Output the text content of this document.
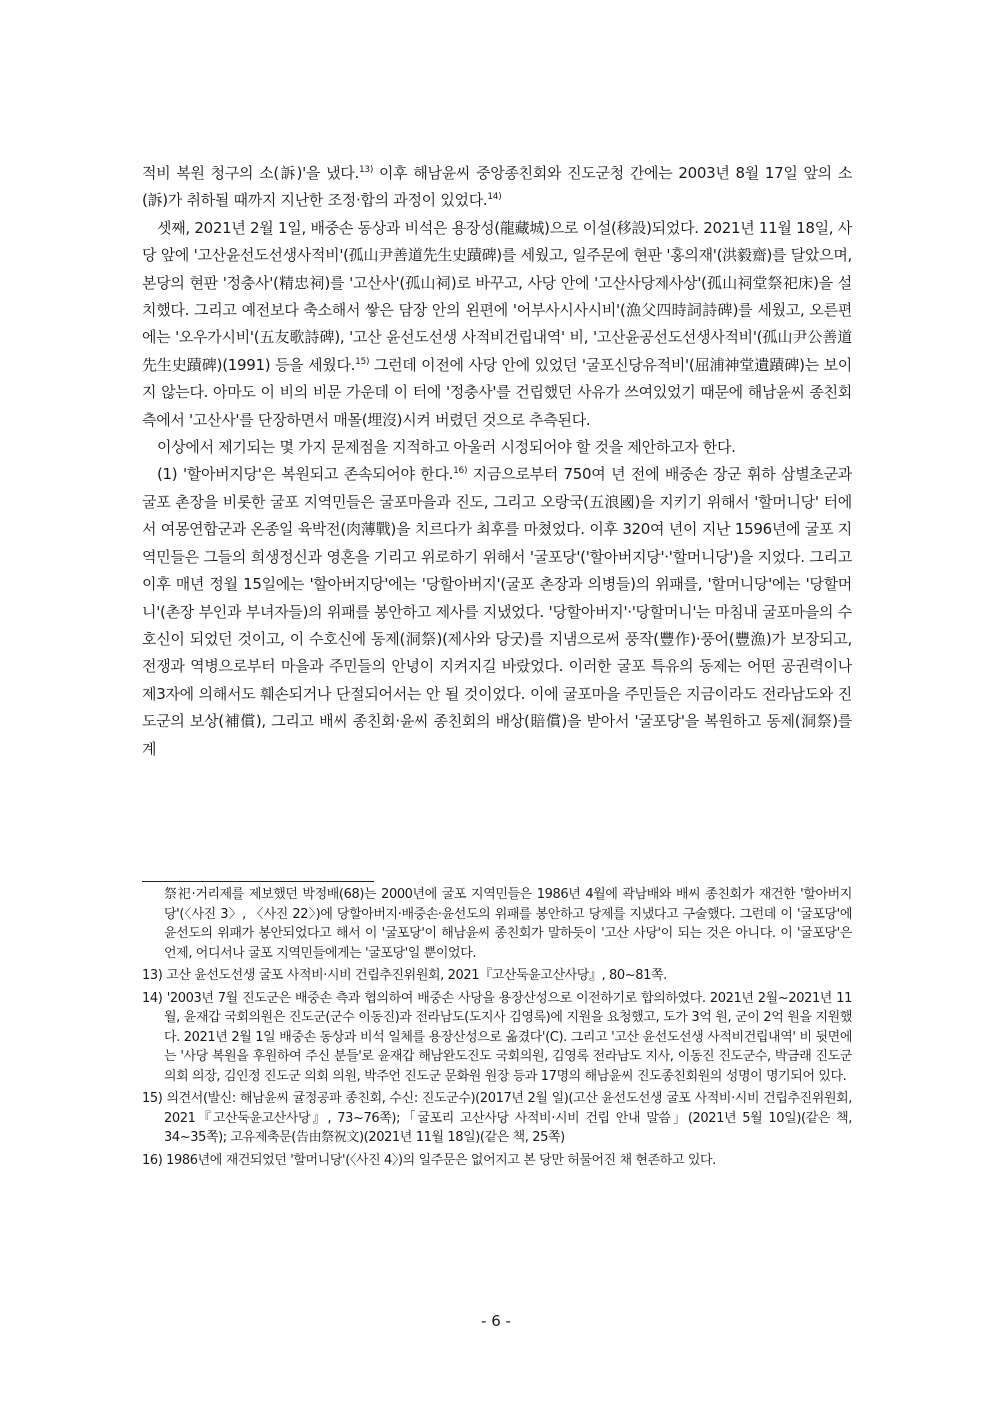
적비 복원 청구의 소(訴)'을 냈다.$^{13)}$ 이후 해남윤씨 중앙종친회와 진도군청 간에는 2003년 8월 17일 앞의 소(訴)가 취하될 때까지 지난한 조정·합의 과정이 있었다.$^{14)}$

셋째, 2021년 2월 1일, 배중손 동상과 비석은 용장성(龍藏城)으로 이설(移設)되었다. 2021년 11월 18일, 사당 앞에 '고산윤선도선생사적비'(孤山尹善道先生史蹟碑)를 세웠고, 일주문에 현판 '홍의재'(洪毅齋)를 달았으며, 본당의 현판 '정충사'(精忠祠)를 '고산사'(孤山祠)로 바꾸고, 사당 안에 '고산사당제사상'(孤山祠堂祭祀床)을 설치했다. 그리고 예전보다 축소해서 쌓은 담장 안의 왼편에 '어부사시사시비'(漁父四時詞詩碑)를 세웠고, 오른편에는 '오우가시비'(五友歌詩碑), '고산 윤선도선생 사적비건립내역' 비, '고산윤공선도선생사적비'(孤山尹公善道先生史蹟碑)(1991) 등을 세웠다.$^{15)}$ 그런데 이전에 사당 안에 있었던 '굴포신당유적비'(屈浦神堂遺蹟碑)는 보이지 않는다. 아마도 이 비의 비문 가운데 이 터에 '정충사'를 건립했던 사유가 쓰여있었기 때문에 해남윤씨 종친회 측에서 '고산사'를 단장하면서 매몰(埋沒)시켜 버렸던 것으로 추측된다.

이상에서 제기되는 몇 가지 문제점을 지적하고 아울러 시정되어야 할 것을 제안하고자 한다.

(1) '할아버지당'은 복원되고 존속되어야 한다.$^{16)}$ 지금으로부터 750여 년 전에 배중손 장군 휘하 삼별초군과 굴포 촌장을 비롯한 굴포 지역민들은 굴포마을과 진도, 그리고 오랑국(五浪國)을 지키기 위해서 '할머니당' 터에서 여몽연합군과 온종일 육박전(肉薄戰)을 치르다가 최후를 마쳤었다. 이후 320여 년이 지난 1596년에 굴포 지역민들은 그들의 희생정신과 영혼을 기리고 위로하기 위해서 '굴포당'('할아버지당'·'할머니당')을 지었다. 그리고 이후 매년 정월 15일에는 '할아버지당'에는 '당할아버지'(굴포 촌장과 의병들)의 위패를, '할머니당'에는 '당할머니'(촌장 부인과 부녀자들)의 위패를 봉안하고 제사를 지냈었다. '당할아버지'·'당할머니'는 마침내 굴포마을의 수호신이 되었던 것이고, 이 수호신에 동제(洞祭)(제사와 당굿)를 지냄으로써 풍작(豐作)·풍어(豐漁)가 보장되고, 전쟁과 역병으로부터 마을과 주민들의 안녕이 지켜지길 바랐었다. 이러한 굴포 특유의 동제는 어떤 공권력이나 제3자에 의해서도 훼손되거나 단절되어서는 안 될 것이었다. 이에 굴포마을 주민들은 지금이라도 전라남도와 진도군의 보상(補償), 그리고 배씨 종친회·윤씨 종친회의 배상(賠償)을 받아서 '굴포당'을 복원하고 동제(洞祭)를 계

祭祀·거리제를 제보했던 박정배(68)는 2000년에 굴포 지역민들은 1986년 4월에 곽남배와 배씨 종친회가 재건한 '할아버지당'(〈사진 3〉, 〈사진 22〉)에 당할아버지·배중손·윤선도의 위패를 봉안하고 당제를 지냈다고 구술했다. 그런데 이 '굴포당'에 윤선도의 위패가 봉안되었다고 해서 이 '굴포당'이 해남윤씨 종친회가 말하듯이 '고산 사당'이 되는 것은 아니다. 이 '굴포당'은 언제, 어디서나 굴포 지역민들에게는 '굴포당'일 뿐이었다.

13) 고산 윤선도선생 굴포 사적비·시비 건립추진위원회, 2021『고산둑윤고산사당』, 80~81쪽.

14) '2003년 7월 진도군은 배중손 측과 협의하여 배중손 사당을 용장산성으로 이전하기로 합의하였다. 2021년 2월~2021년 11월, 윤재갑 국회의원은 진도군(군수 이동진)과 전라남도(도지사 김영록)에 지원을 요청했고, 도가 3억 원, 군이 2억 원을 지원했다. 2021년 2월 1일 배중손 동상과 비석 일체를 용장산성으로 옮겼다'(C). 그리고 '고산 윤선도선생 사적비건립내역' 비 뒷면에는 '사당 복원을 후원하여 주신 분들'로 윤재갑 해남완도진도 국회의원, 김영록 전라남도 지사, 이동진 진도군수, 박금래 진도군의회 의장, 김인정 진도군 의회 의원, 박주언 진도군 문화원 원장 등과 17명의 해남윤씨 진도종친회원의 성명이 명기되어 있다.

15) 의견서(발신: 해남윤씨 귤정공파 종친회, 수신: 진도군수)(2017년 2월 일)(고산 윤선도선생 굴포 사적비·시비 건립추진위원회, 2021『고산둑윤고산사당』, 73~76쪽);「굴포리 고산사당 사적비·시비 건립 안내 말씀」(2021년 5월 10일)(같은 책, 34~35쪽); 고유제축문(告由祭祝文)(2021년 11월 18일)(같은 책, 25쪽)

16) 1986년에 재건되었던 '할머니당'(〈사진 4〉)의 일주문은 없어지고 본 당만 허물어진 채 현존하고 있다.

- 6 -
